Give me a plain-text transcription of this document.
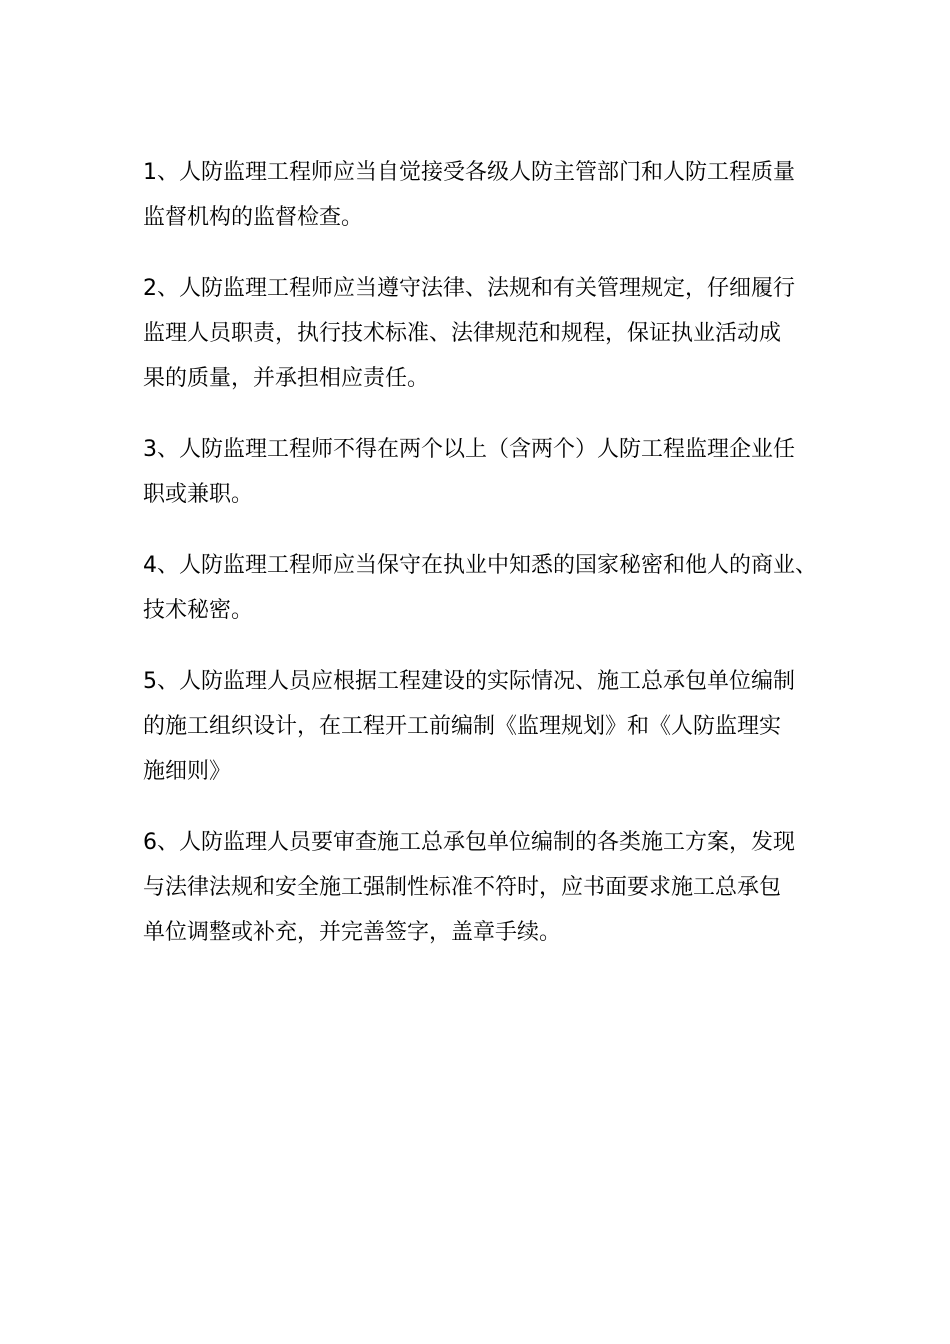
1、人防监理工程师应当自觉接受各级人防主管部门和人防工程质量
监督机构的监督检查。

2、人防监理工程师应当遵守法律、法规和有关管理规定，仔细履行
监理人员职责，执行技术标准、法律规范和规程，保证执业活动成
果的质量，并承担相应责任。

3、人防监理工程师不得在两个以上（含两个）人防工程监理企业任
职或兼职。

4、人防监理工程师应当保守在执业中知悉的国家秘密和他人的商业、
技术秘密。

5、人防监理人员应根据工程建设的实际情况、施工总承包单位编制
的施工组织设计，在工程开工前编制《监理规划》和《人防监理实
施细则》

6、人防监理人员要审查施工总承包单位编制的各类施工方案，发现
与法律法规和安全施工强制性标准不符时，应书面要求施工总承包
单位调整或补充，并完善签字，盖章手续。
